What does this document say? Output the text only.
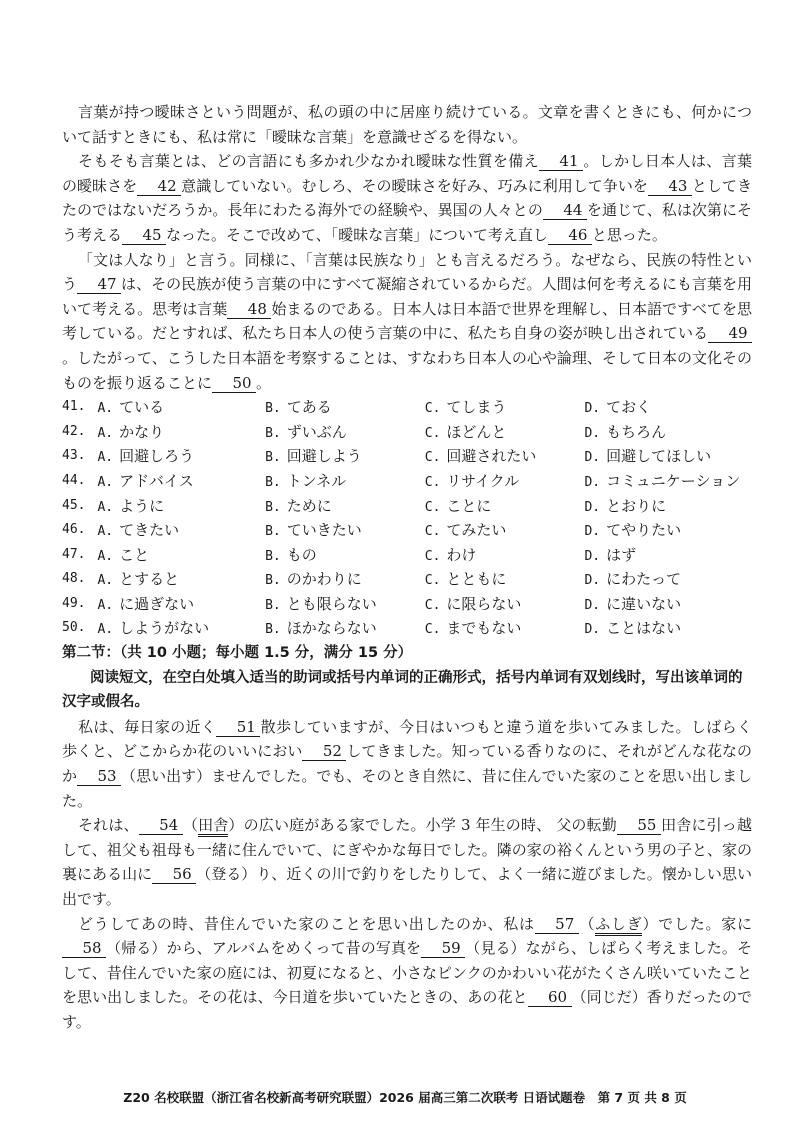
言葉が持つ曖昧さという問題が、私の頭の中に居座り続けている。文章を書くときにも、何かについて話すときにも、私は常に「曖昧な言葉」を意識せざるを得ない。

そもそも言葉とは、どの言語にも多かれ少なかれ曖昧な性質を備え 41 。しかし日本人は、言葉の曖昧さを 42 意識していない。むしろ、その曖昧さを好み、巧みに利用して争いを 43 としてきたのではないだろうか。長年にわたる海外での経験や、異国の人々との 44 を通じて、私は次第にそう考える 45 なった。そこで改めて、「曖昧な言葉」について考え直し 46 と思った。

「文は人なり」と言う。同様に、「言葉は民族なり」とも言えるだろう。なぜなら、民族の特性という 47 は、その民族が使う言葉の中にすべて凝縮されているからだ。人間は何を考えるにも言葉を用いて考える。思考は言葉 48 始まるのである。日本人は日本語で世界を理解し、日本語ですべてを思考している。だとすれば、私たち日本人の使う言葉の中に、私たち自身の姿が映し出されている 49。したがって、こうした日本語を考察することは、すなわち日本人の心や論理、そして日本の文化そのものを振り返ることに 50 。

41. A. ている	B. てある	C. てしまう	D. ておく
42. A. かなり	B. ずいぶん	C. ほどんと	D. もちろん
43. A. 回避しろう	B. 回避しよう	C. 回避されたい	D. 回避してほしい
44. A. アドバイス	B. トンネル	C. リサイクル	D. コミュニケーション
45. A. ように	B. ために	C. ことに	D. とおりに
46. A. てきたい	B. ていきたい	C. てみたい	D. てやりたい
47. A. こと	B. もの	C. わけ	D. はず
48. A. とすると	B. のかわりに	C. とともに	D. にわたって
49. A. に過ぎない	B. とも限らない	C. に限らない	D. に違いない
50. A. しようがない	B. ほかならない	C. までもない	D. ことはない
第二节：（共 10 小题；每小题 1.5 分，满分 15 分）

阅读短文，在空白处填入适当的助词或括号内单词的正确形式，括号内单词有双划线时，写出该单词的汉字或假名。

私は、毎日家の近く 51 散歩していますが、今日はいつもと違う道を歩いてみました。しばらく歩くと、どこからか花のいいにおい 52 してきました。知っている香りなのに、それがどんな花なのか 53 （思い出す）ませんでした。でも、そのとき自然に、昔に住んでいた家のことを思い出しました。

それは、 54 （田舎）の広い庭がある家でした。小学 3 年生の時、 父の転勤 55 田舎に引っ越して、祖父も祖母も一緒に住んでいて、にぎやかな毎日でした。隣の家の裕くんという男の子と、家の裏にある山に 56 （登る）り、近くの川で釣りをしたりして、よく一緒に遊びました。懐かしい思い出です。

どうしてあの時、昔住んでいた家のことを思い出したのか、私は 57 （ふしぎ）でした。家に58 （帰る）から、アルバムをめくって昔の写真を 59 （見る）ながら、しばらく考えました。そして、昔住んでいた家の庭には、初夏になると、小さなピンクのかわいい花がたくさん咲いていたことを思い出しました。その花は、今日道を歩いていたときの、あの花と 60 （同じだ）香りだったのです。

Z20 名校联盟（浙江省名校新高考研究联盟）2026 届高三第二次联考 日语试题卷　第 7 页 共 8 页
